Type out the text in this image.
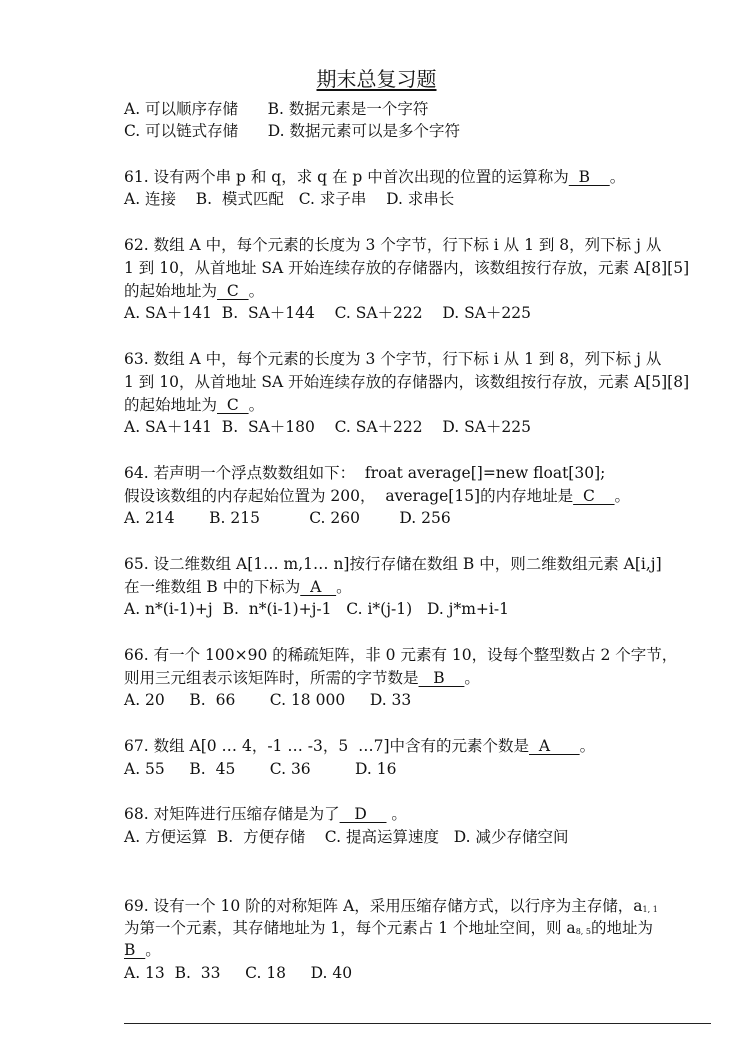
期末总复习题
A. 可以顺序存储      B. 数据元素是一个字符
C. 可以链式存储      D. 数据元素可以是多个字符
61. 设有两个串 p 和 q，求 q 在 p 中首次出现的位置的运算称为  B    。
A. 连接    B.  模式匹配   C. 求子串    D. 求串长
62. 数组 A 中，每个元素的长度为 3 个字节，行下标 i 从 1 到 8，列下标 j 从
1 到 10，从首地址 SA 开始连续存放的存储器内，该数组按行存放，元素 A[8][5]
的起始地址为  C  。
A. SA＋141  B.  SA＋144    C. SA＋222    D. SA＋225
63. 数组 A 中，每个元素的长度为 3 个字节，行下标 i 从 1 到 8，列下标 j 从
1 到 10，从首地址 SA 开始连续存放的存储器内，该数组按行存放，元素 A[5][8]
的起始地址为  C  。
A. SA＋141  B.  SA＋180    C. SA＋222    D. SA＋225
64. 若声明一个浮点数数组如下：  froat average[]=new float[30];
假设该数组的内存起始位置为 200，  average[15]的内存地址是  C    。
A. 214       B. 215          C. 260        D. 256
65. 设二维数组 A[1… m,1… n]按行存储在数组 B 中，则二维数组元素 A[i,j]
在一维数组 B 中的下标为  A   。
A. n*(i-1)+j  B.  n*(i-1)+j-1   C. i*(j-1)   D. j*m+i-1
66. 有一个 100×90 的稀疏矩阵，非 0 元素有 10，设每个整型数占 2 个字节，
则用三元组表示该矩阵时，所需的字节数是   B    。
A. 20     B.  66       C. 18 000     D. 33
67. 数组 A[0 … 4，-1 … -3，5  …7]中含有的元素个数是  A      。
A. 55     B.  45       C. 36         D. 16
68. 对矩阵进行压缩存储是为了   D     。
A. 方便运算  B.  方便存储    C. 提高运算速度   D. 减少存储空间
69. 设有一个 10 阶的对称矩阵 A，采用压缩存储方式，以行序为主存储，a1, 1
为第一个元素，其存储地址为 1，每个元素占 1 个地址空间，则 a8, 5的地址为
B  。
A. 13  B.  33     C. 18     D. 40
